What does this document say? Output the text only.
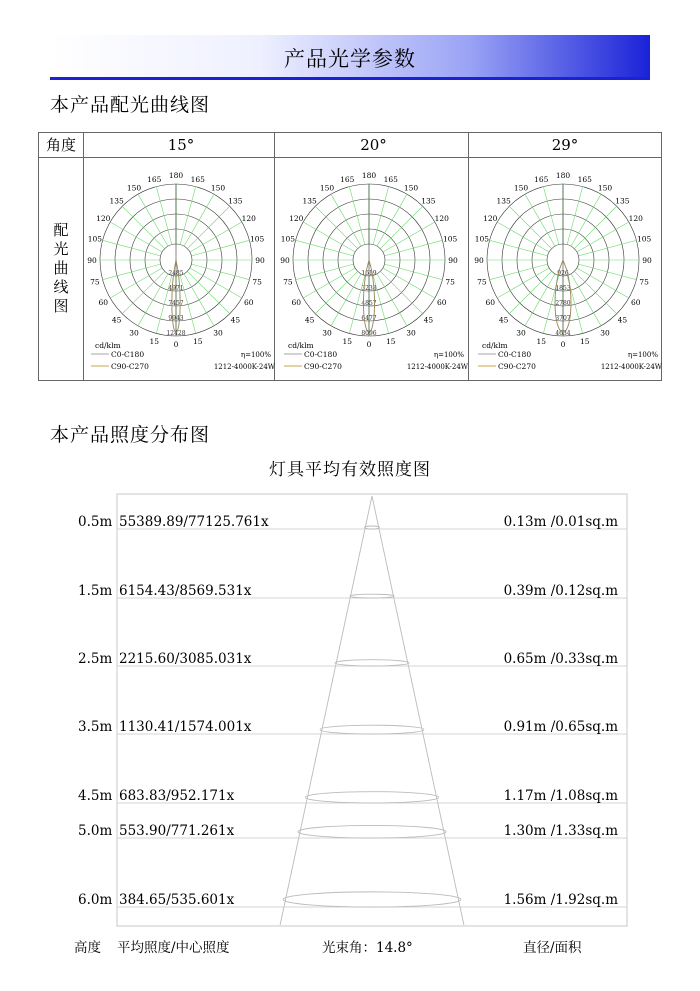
产品光学参数
本产品配光曲线图
角度	15°	20°	29°
配光曲线图
0 15
15
30
30
45
45
60
60
75
75
90
90
105
105
120
120
135
135
150
150
165
165 180
2485
4971
7457
9943
12428
cd/klm
C0-C180
C90-C270
η=100%
1212-4000K-24W
0 15
15
30
30
45
45
60
60
75
75
90
90
105
105
120
120
135
135
150
150
165
165 180
1619
3238
4857
6477
8096
cd/klm
C0-C180
C90-C270
η=100%
1212-4000K-24W
0 15
15
30
30
45
45
60
60
75
75
90
90
105
105
120
120
135
135
150
150
165
165 180
926
1853
2780
3707
4634
cd/klm
C0-C180
C90-C270
η=100%
1212-4000K-24W
本产品照度分布图
灯具平均有效照度图
0.5m 55389.89/77125.761x	0.13m /0.01sq.m
1.5m 6154.43/8569.531x	0.39m /0.12sq.m
2.5m 2215.60/3085.031x	0.65m /0.33sq.m
3.5m 1130.41/1574.001x	0.91m /0.65sq.m
4.5m 683.83/952.171x	1.17m /1.08sq.m
5.0m 553.90/771.261x	1.30m /1.33sq.m
6.0m 384.65/535.601x	1.56m /1.92sq.m
高度 平均照度/中心照度	光束角：14.8°	直径/面积
